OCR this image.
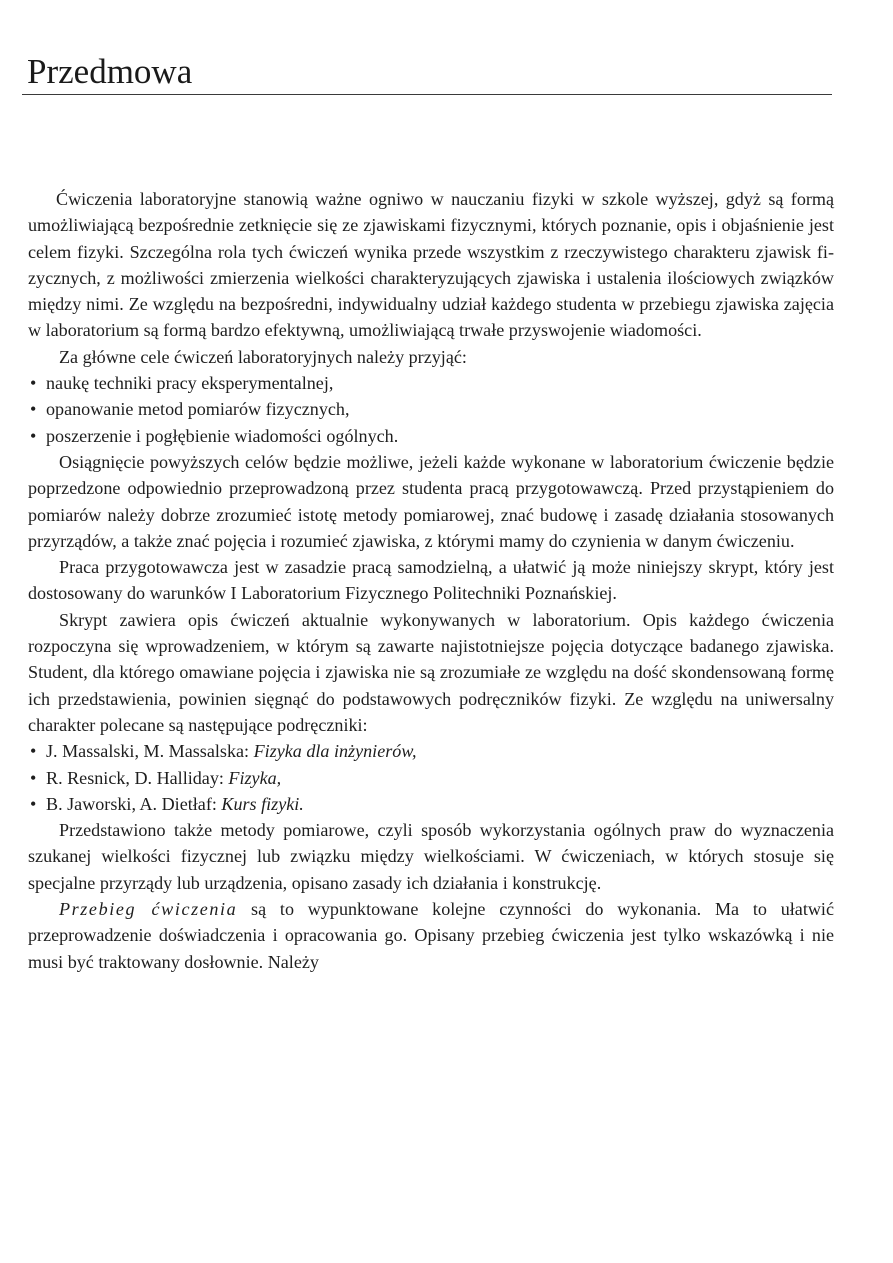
Przedmowa

Ćwiczenia laboratoryjne stanowią ważne ogniwo w nauczaniu fizyki w szkole wyższej, gdyż są formą umożliwiającą bezpośrednie zetknięcie się ze zjawiskami fizycznymi, których poznanie, opis i objaśnienie jest celem fizyki. Szczególna rola tych ćwiczeń wynika przede wszystkim z rzeczywistego charakteru zjawisk fizycznych, z możliwości zmierzenia wielkości charakteryzujących zjawiska i ustalenia ilościowych związków między nimi. Ze względu na bezpośredni, indywidualny udział każdego studenta w przebiegu zjawiska zajęcia w laboratorium są formą bardzo efektywną, umożliwiającą trwałe przyswojenie wiadomości.

Za główne cele ćwiczeń laboratoryjnych należy przyjąć:

• naukę techniki pracy eksperymentalnej,
• opanowanie metod pomiarów fizycznych,
• poszerzenie i pogłębienie wiadomości ogólnych.

Osiągnięcie powyższych celów będzie możliwe, jeżeli każde wykonane w laboratorium ćwiczenie będzie poprzedzone odpowiednio przeprowadzoną przez studenta pracą przygotowawczą. Przed przystąpieniem do pomiarów należy dobrze zrozumieć istotę metody pomiarowej, znać budowę i zasadę działania stosowanych przyrządów, a także znać pojęcia i rozumieć zjawiska, z którymi mamy do czynienia w danym ćwiczeniu.

Praca przygotowawcza jest w zasadzie pracą samodzielną, a ułatwić ją może niniejszy skrypt, który jest dostosowany do warunków I Laboratorium Fizycznego Politechniki Poznańskiej.

Skrypt zawiera opis ćwiczeń aktualnie wykonywanych w laboratorium. Opis każdego ćwiczenia rozpoczyna się wprowadzeniem, w którym są zawarte najistotniejsze pojęcia dotyczące badanego zjawiska. Student, dla którego omawiane pojęcia i zjawiska nie są zrozumiałe ze względu na dość skondensowaną formę ich przedstawienia, powinien sięgnąć do podstawowych podręczników fizyki. Ze względu na uniwersalny charakter polecane są następujące podręczniki:

• J. Massalski, M. Massalska: Fizyka dla inżynierów,
• R. Resnick, D. Halliday: Fizyka,
• B. Jaworski, A. Dietłaf: Kurs fizyki.

Przedstawiono także metody pomiarowe, czyli sposób wykorzystania ogólnych praw do wyznaczenia szukanej wielkości fizycznej lub związku między wielkościami. W ćwiczeniach, w których stosuje się specjalne przyrządy lub urządzenia, opisano zasady ich działania i konstrukcję.

Przebieg ćwiczenia są to wypunktowane kolejne czynności do wykonania. Ma to ułatwić przeprowadzenie doświadczenia i opracowania go. Opisany przebieg ćwiczenia jest tylko wskazówką i nie musi być traktowany dosłownie. Należy
